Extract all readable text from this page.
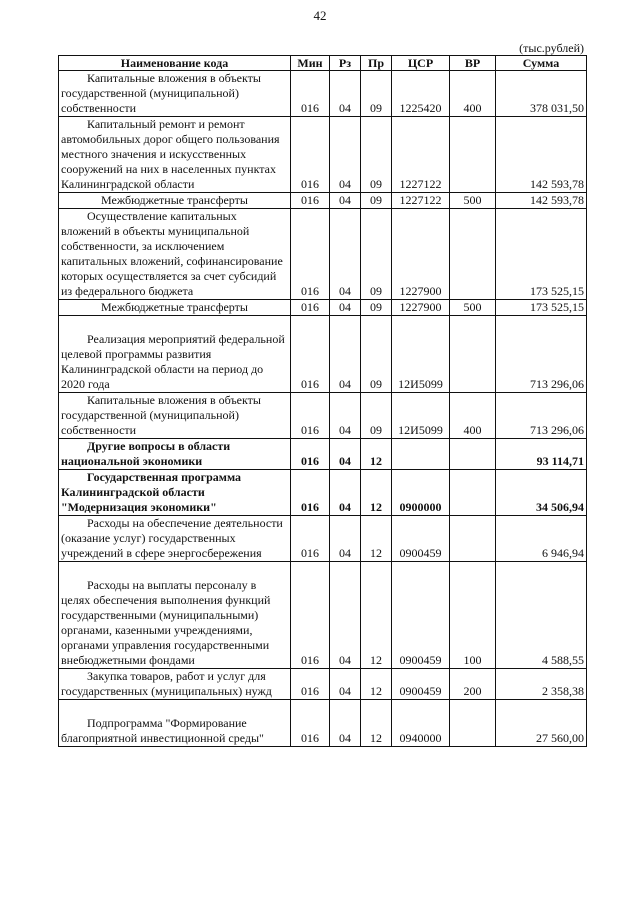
42
(тыс.рублей)
Наименование кода	Мин	Рз	Пр	ЦСР	ВР	Сумма
Капитальные вложения в объекты государственной (муниципальной) собственности	016	04	09	1225420	400	378 031,50
Капитальный ремонт и ремонт автомобильных дорог общего пользования местного значения и искусственных сооружений на них в населенных пунктах Калининградской области	016	04	09	1227122		142 593,78
Межбюджетные трансферты	016	04	09	1227122	500	142 593,78
Осуществление капитальных вложений в объекты муниципальной собственности, за исключением капитальных вложений, софинансирование которых осуществляется за счет субсидий из федерального бюджета	016	04	09	1227900		173 525,15
Межбюджетные трансферты	016	04	09	1227900	500	173 525,15
Реализация мероприятий федеральной целевой программы развития Калининградской области на период до 2020 года	016	04	09	12И5099		713 296,06
Капитальные вложения в объекты государственной (муниципальной) собственности	016	04	09	12И5099	400	713 296,06
Другие вопросы в области национальной экономики	016	04	12			93 114,71
Государственная программа Калининградской области "Модернизация экономики"	016	04	12	0900000		34 506,94
Расходы на обеспечение деятельности (оказание услуг) государственных учреждений в сфере энергосбережения	016	04	12	0900459		6 946,94
Расходы на выплаты персоналу в целях обеспечения выполнения функций государственными (муниципальными) органами, казенными учреждениями, органами управления государственными внебюджетными фондами	016	04	12	0900459	100	4 588,55
Закупка товаров, работ и услуг для государственных (муниципальных) нужд	016	04	12	0900459	200	2 358,38
Подпрограмма "Формирование благоприятной инвестиционной среды"	016	04	12	0940000		27 560,00
